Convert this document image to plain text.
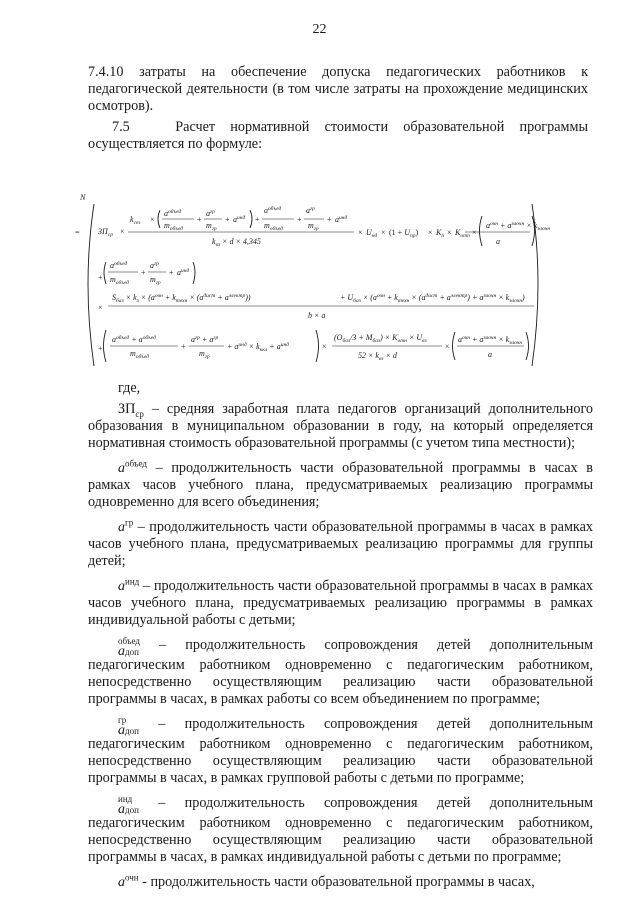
22
7.4.10 затраты на обеспечение допуска педагогических работников к педагогической деятельности (в том числе затраты на прохождение медицинских осмотров).
7.5	Расчет нормативной стоимости образовательной программы осуществляется по формуле:
N
= $ЗП_{ср}$ ×
$k_{сез}$ ×
$a^{объед}$
$m_{объед}$
+
$a^{гр}$
$m_{гр}$
+ $a^{инд}$ +
$a^{объед}$
$m_{объед}$
+
$a^{гр}$
$m_{гр}$
+ $a^{инд}$
$k_{вз} \times d \times 4,345$
× $U_{нд} \times (1 + U_{пр}) \times K_п \times K_{отп}$ ×
$a^{очн} + a^{заочн} \times k_{заочн}$
a
+
$a^{объед}$
$m_{объед}$
+
$a^{гр}$
$m_{гр}$
+ $a^{инд}$
×
$S_{баз} \times k_з \times (a^{очн} + k_{техн} \times (a^{дист} + a^{электр}))$	+ $U_{баз} \times (a^{очн} + k_{техн} \times (a^{дист} + a^{электр}) + a^{заочн} \times k_{заочн})$
b × a
+
$a^{объед} + a^{объед}$
$m_{объед}$
+
$a^{гр} + a^{гр}$
$m_{гр}$
+ $a^{инд} \times k_{ккл} + a^{инд}$	×
$(O_{баз}/3 + M_{баз}) \times K_{отн} \times U_{вз}$
$52 \times k_{вз} \times d$
×
$a^{очн} + a^{заочн} \times k_{заочн}$
a
где,

$ЗП_{ср}$ – средняя заработная плата педагогов организаций дополнительного образования в муниципальном образовании в году, на который определяется нормативная стоимость образовательной программы (с учетом типа местности);

$a^{объед}$ – продолжительность части образовательной программы в часах в рамках часов учебного плана, предусматриваемых реализацию программы одновременно для всего объединения;

$a^{гр}$ – продолжительность части образовательной программы в часах в рамках часов учебного плана, предусматриваемых реализацию программы для группы детей;

$a^{инд}$ – продолжительность части образовательной программы в часах в рамках часов учебного плана, предусматриваемых реализацию программы в рамках индивидуальной работы с детьми;

объед
aдоп – продолжительность сопровождения детей дополнительным педагогическим работником одновременно с педагогическим работником, непосредственно осуществляющим реализацию части образовательной программы в часах, в рамках работы со всем объединением по программе;

гр
aдоп – продолжительность сопровождения детей дополнительным педагогическим работником одновременно с педагогическим работником, непосредственно осуществляющим реализацию части образовательной программы в часах, в рамках групповой работы с детьми по программе;

инд
aдоп – продолжительность сопровождения детей дополнительным педагогическим работником одновременно с педагогическим работником, непосредственно осуществляющим реализацию части образовательной программы в часах, в рамках индивидуальной работы с детьми по программе;

$a^{очн}$ - продолжительность части образовательной программы в часах,
